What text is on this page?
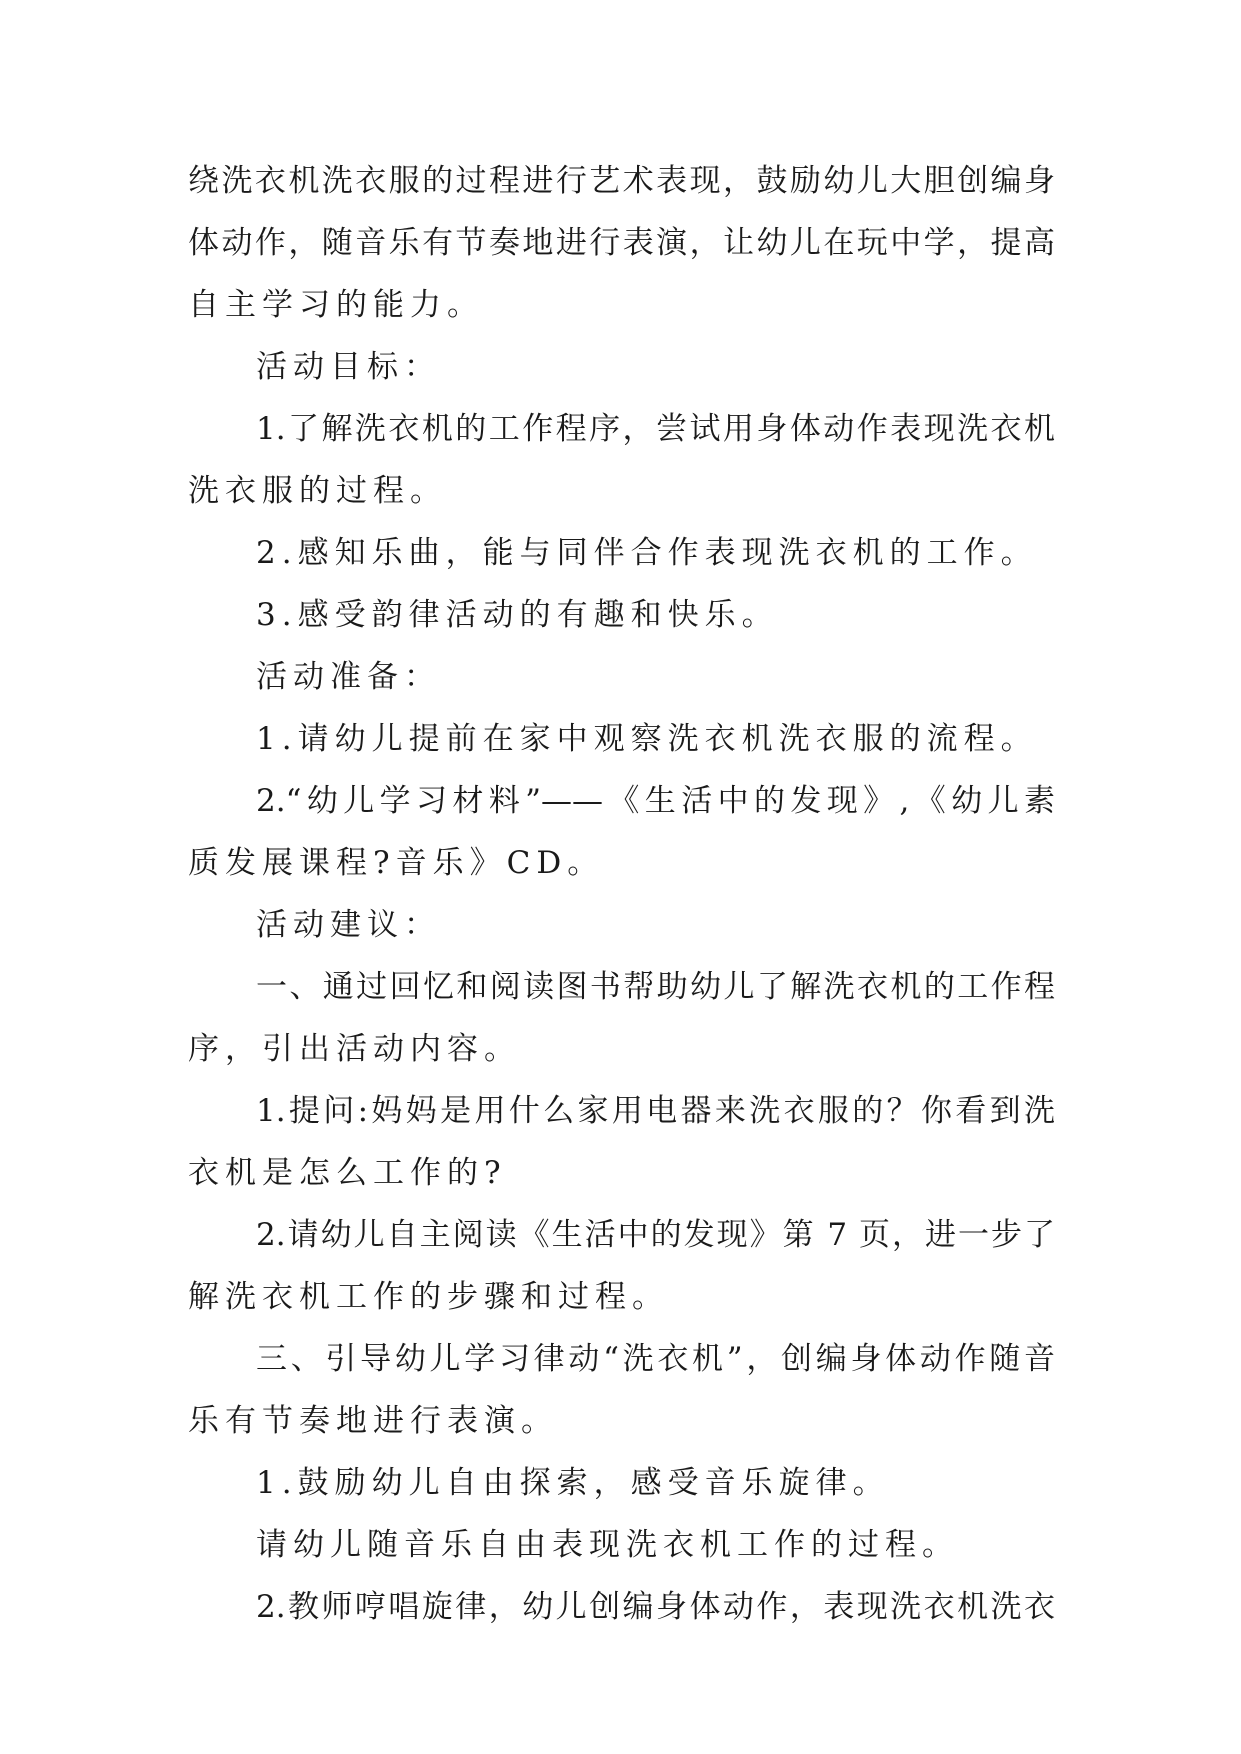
绕洗衣机洗衣服的过程进行艺术表现，鼓励幼儿大胆创编身
体动作，随音乐有节奏地进行表演，让幼儿在玩中学，提高
自主学习的能力。
活动目标：
1.了解洗衣机的工作程序，尝试用身体动作表现洗衣机
洗衣服的过程。
2.感知乐曲，能与同伴合作表现洗衣机的工作。
3.感受韵律活动的有趣和快乐。
活动准备：
1.请幼儿提前在家中观察洗衣机洗衣服的流程。
2.“幼儿学习材料”——《生活中的发现》,《幼儿素
质发展课程?音乐》CD。
活动建议：
一、通过回忆和阅读图书帮助幼儿了解洗衣机的工作程
序，引出活动内容。
1.提问:妈妈是用什么家用电器来洗衣服的？你看到洗
衣机是怎么工作的?
2.请幼儿自主阅读《生活中的发现》第 7 页，进一步了
解洗衣机工作的步骤和过程。
三、引导幼儿学习律动“洗衣机”，创编身体动作随音
乐有节奏地进行表演。
1.鼓励幼儿自由探索，感受音乐旋律。
请幼儿随音乐自由表现洗衣机工作的过程。
2.教师哼唱旋律，幼儿创编身体动作，表现洗衣机洗衣
